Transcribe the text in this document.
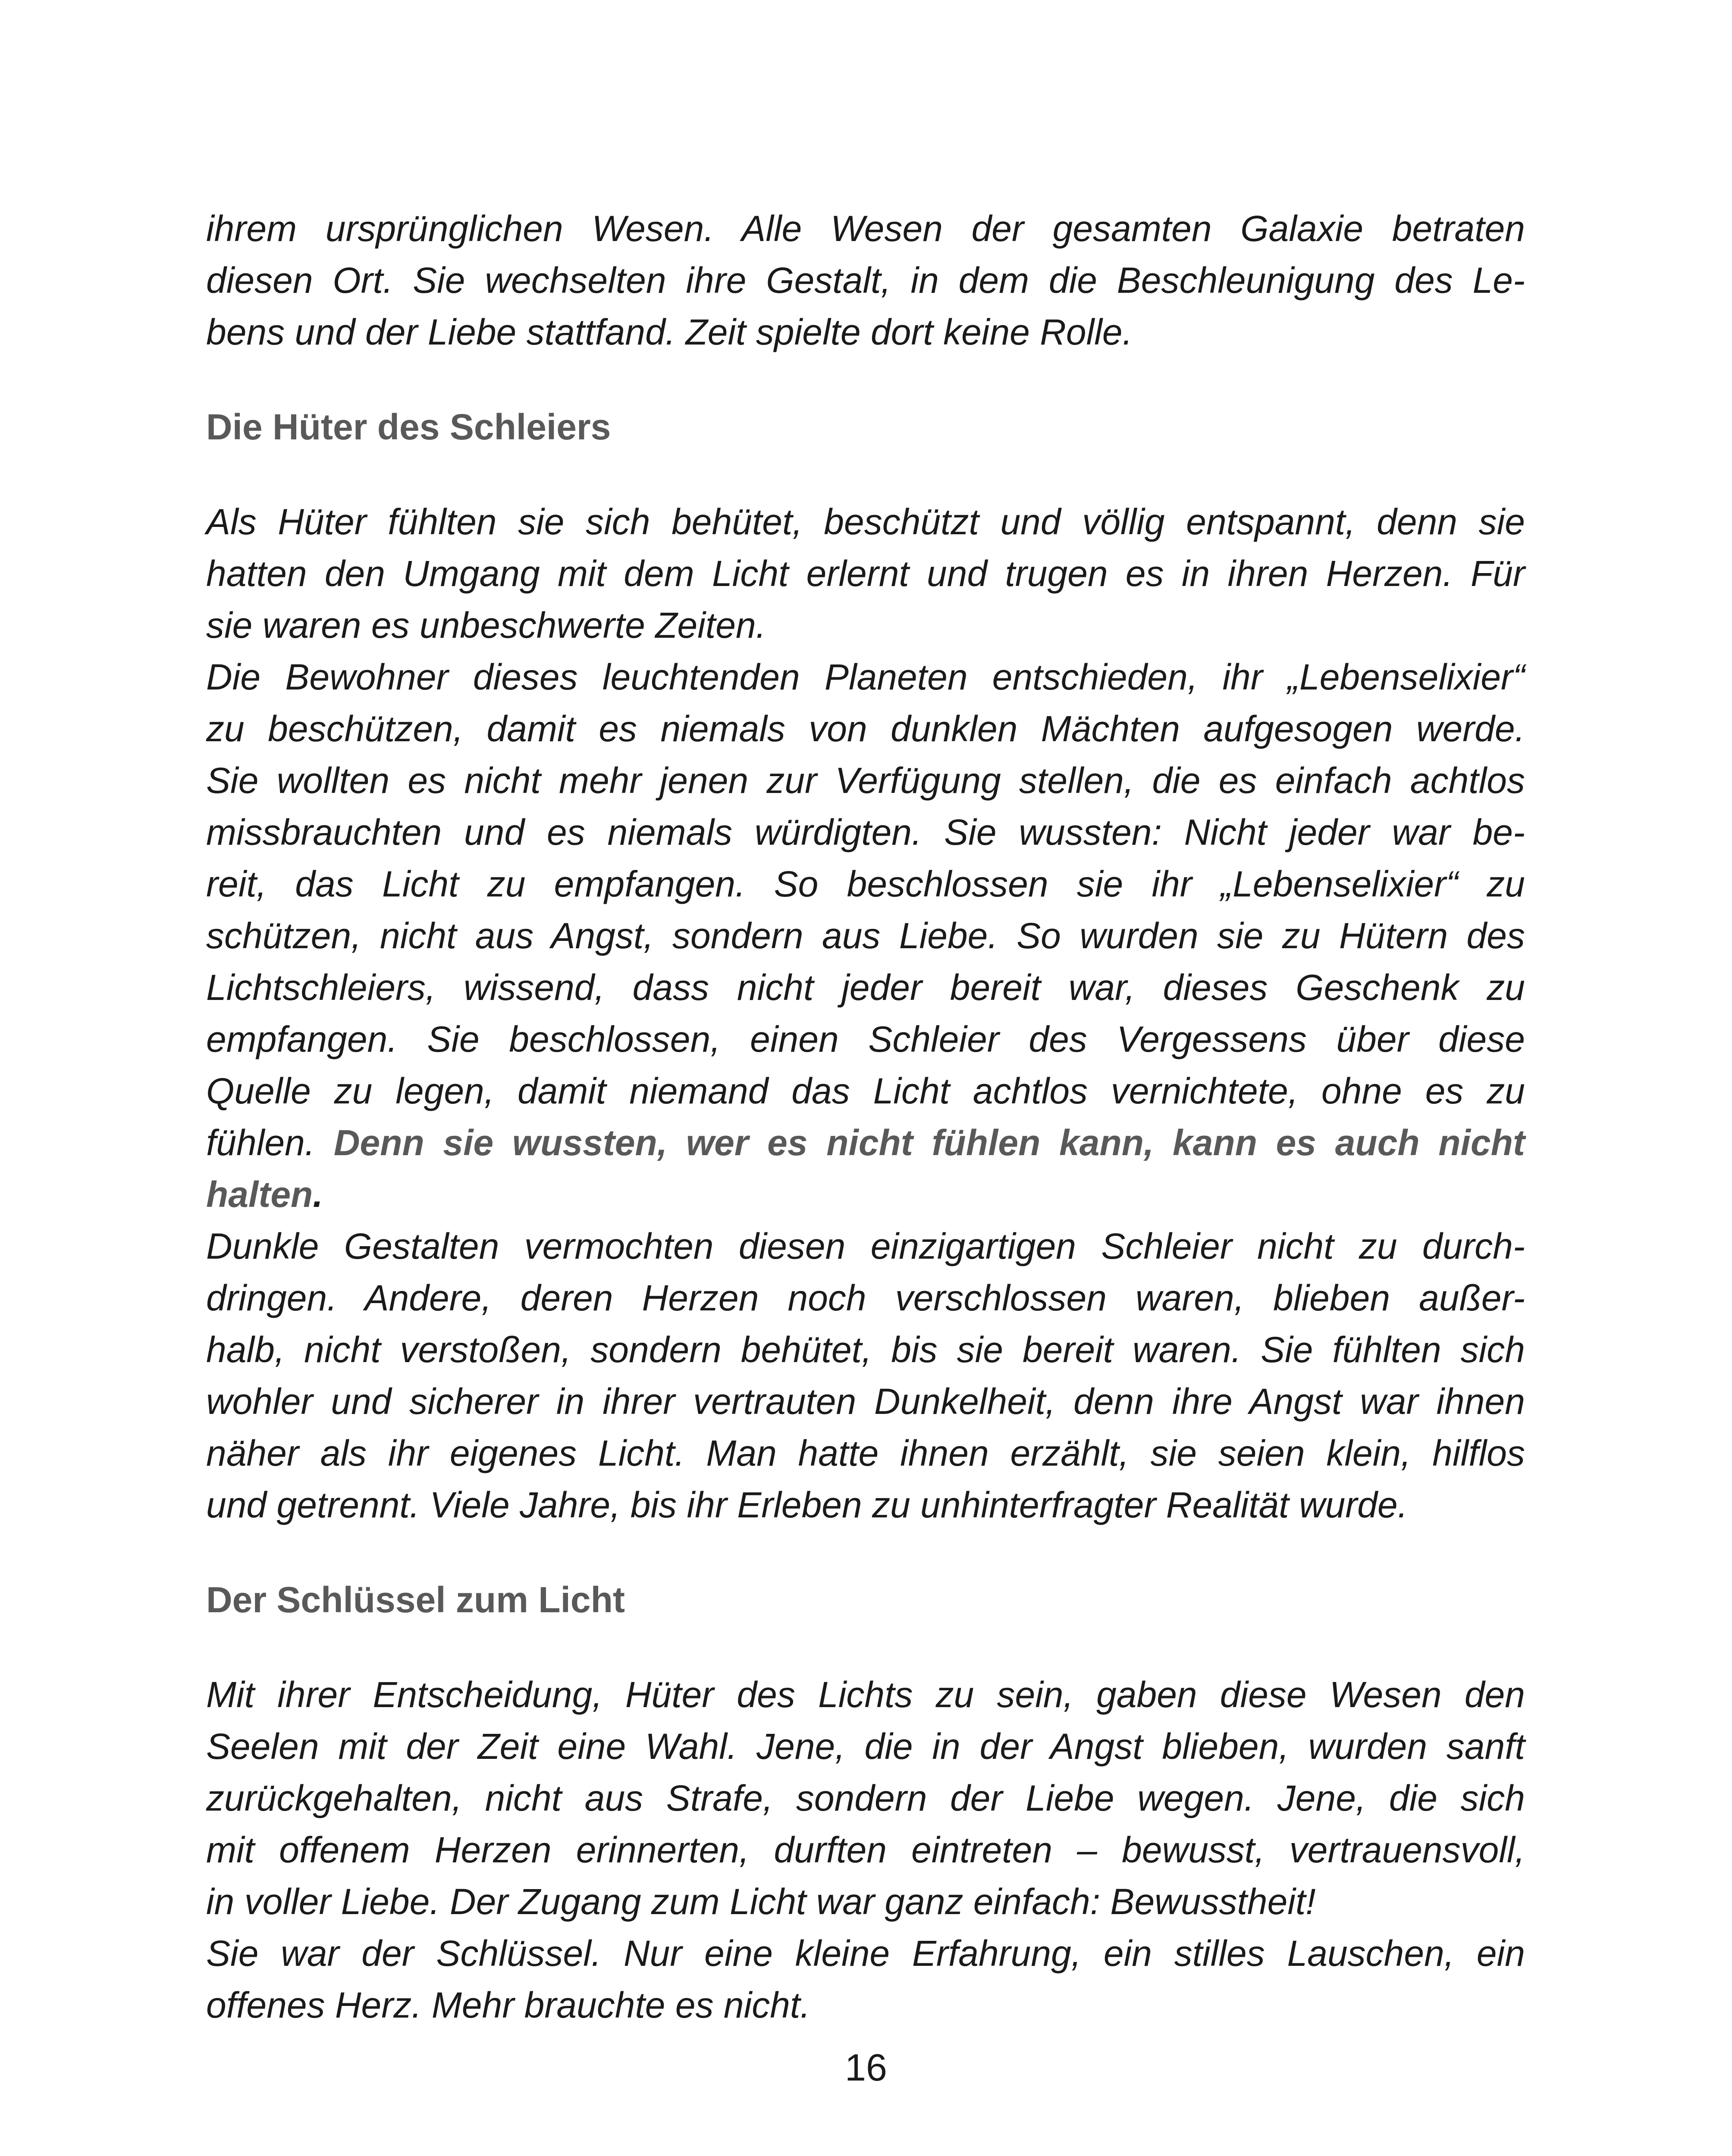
ihrem ursprünglichen Wesen. Alle Wesen der gesamten Galaxie betraten
diesen Ort. Sie wechselten ihre Gestalt, in dem die Beschleunigung des Le-
bens und der Liebe stattfand. Zeit spielte dort keine Rolle.

Die Hüter des Schleiers

Als Hüter fühlten sie sich behütet, beschützt und völlig entspannt, denn sie
hatten den Umgang mit dem Licht erlernt und trugen es in ihren Herzen. Für
sie waren es unbeschwerte Zeiten.

Die Bewohner dieses leuchtenden Planeten entschieden, ihr „Lebenselixier“
zu beschützen, damit es niemals von dunklen Mächten aufgesogen werde.
Sie wollten es nicht mehr jenen zur Verfügung stellen, die es einfach achtlos
missbrauchten und es niemals würdigten. Sie wussten: Nicht jeder war be-
reit, das Licht zu empfangen. So beschlossen sie ihr „Lebenselixier“ zu
schützen, nicht aus Angst, sondern aus Liebe. So wurden sie zu Hütern des
Lichtschleiers, wissend, dass nicht jeder bereit war, dieses Geschenk zu
empfangen. Sie beschlossen, einen Schleier des Vergessens über diese
Quelle zu legen, damit niemand das Licht achtlos vernichtete, ohne es zu
fühlen. Denn sie wussten, wer es nicht fühlen kann, kann es auch nicht
halten.

Dunkle Gestalten vermochten diesen einzigartigen Schleier nicht zu durch-
dringen. Andere, deren Herzen noch verschlossen waren, blieben außer-
halb, nicht verstoßen, sondern behütet, bis sie bereit waren. Sie fühlten sich
wohler und sicherer in ihrer vertrauten Dunkelheit, denn ihre Angst war ihnen
näher als ihr eigenes Licht. Man hatte ihnen erzählt, sie seien klein, hilflos
und getrennt. Viele Jahre, bis ihr Erleben zu unhinterfragter Realität wurde.

Der Schlüssel zum Licht

Mit ihrer Entscheidung, Hüter des Lichts zu sein, gaben diese Wesen den
Seelen mit der Zeit eine Wahl. Jene, die in der Angst blieben, wurden sanft
zurückgehalten, nicht aus Strafe, sondern der Liebe wegen. Jene, die sich
mit offenem Herzen erinnerten, durften eintreten – bewusst, vertrauensvoll,
in voller Liebe. Der Zugang zum Licht war ganz einfach: Bewusstheit!

Sie war der Schlüssel. Nur eine kleine Erfahrung, ein stilles Lauschen, ein
offenes Herz. Mehr brauchte es nicht.

16
